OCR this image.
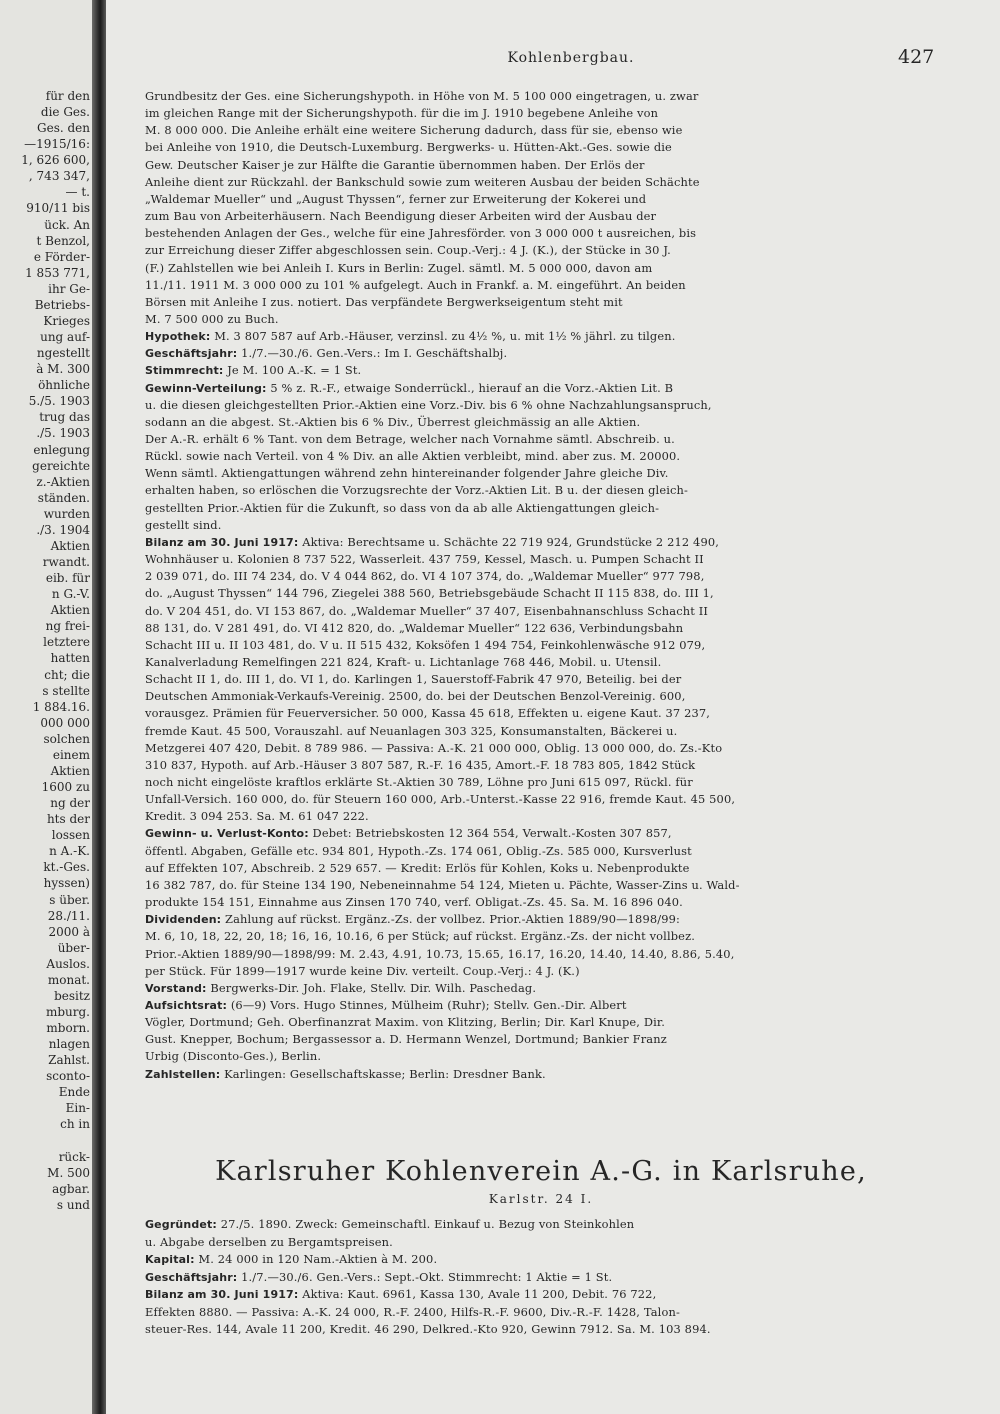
für den
die Ges.
Ges. den
—1915/16:
1, 626 600,
, 743 347,
— t.
910/11 bis
ück. An
t Benzol,
e Förder-
1 853 771,
ihr Ge-
Betriebs-
Krieges
ung auf-
ngestellt
à M. 300
öhnliche
5./5. 1903
trug das
./5. 1903
enlegung
gereichte
z.-Aktien
ständen.
wurden
./3. 1904
Aktien
rwandt.
eib. für
n G.-V.
Aktien
ng frei-
letztere
hatten
cht; die
s stellte
1 884.16.
000 000
solchen
einem
Aktien
1600 zu
ng der
hts der
lossen
n A.-K.
kt.-Ges.
hyssen)
s über.
28./11.
2000 à
über-
Auslos.
monat.
besitz
mburg.
mborn.
nlagen
Zahlst.
sconto-
Ende
Ein-
ch in
rück-
M. 500
agbar.
s und
Kohlenbergbau.	427
Karlsruher Kohlenverein A.-G. in Karlsruhe,
Karlstr. 24 I.
Grundbesitz der Ges. eine Sicherungshypoth. in Höhe von M. 5 100 000 eingetragen, u. zwar
im gleichen Range mit der Sicherungshypoth. für die im J. 1910 begebene Anleihe von
M. 8 000 000. Die Anleihe erhält eine weitere Sicherung dadurch, dass für sie, ebenso wie
bei Anleihe von 1910, die Deutsch-Luxemburg. Bergwerks- u. Hütten-Akt.-Ges. sowie die
Gew. Deutscher Kaiser je zur Hälfte die Garantie übernommen haben. Der Erlös der
Anleihe dient zur Rückzahl. der Bankschuld sowie zum weiteren Ausbau der beiden Schächte
„Waldemar Mueller“ und „August Thyssen“, ferner zur Erweiterung der Kokerei und
zum Bau von Arbeiterhäusern. Nach Beendigung dieser Arbeiten wird der Ausbau der
bestehenden Anlagen der Ges., welche für eine Jahresförder. von 3 000 000 t ausreichen, bis
zur Erreichung dieser Ziffer abgeschlossen sein. Coup.-Verj.: 4 J. (K.), der Stücke in 30 J.
(F.) Zahlstellen wie bei Anleih I. Kurs in Berlin: Zugel. sämtl. M. 5 000 000, davon am
11./11. 1911 M. 3 000 000 zu 101 % aufgelegt. Auch in Frankf. a. M. eingeführt. An beiden
Börsen mit Anleihe I zus. notiert. Das verpfändete Bergwerkseigentum steht mit
M. 7 500 000 zu Buch.
Hypothek: M. 3 807 587 auf Arb.-Häuser, verzinsl. zu 4½ %, u. mit 1½ % jährl. zu tilgen.
Geschäftsjahr: 1./7.—30./6. Gen.-Vers.: Im I. Geschäftshalbj.
Stimmrecht: Je M. 100 A.-K. = 1 St.
Gewinn-Verteilung: 5 % z. R.-F., etwaige Sonderrückl., hierauf an die Vorz.-Aktien Lit. B
u. die diesen gleichgestellten Prior.-Aktien eine Vorz.-Div. bis 6 % ohne Nachzahlungsanspruch,
sodann an die abgest. St.-Aktien bis 6 % Div., Überrest gleichmässig an alle Aktien.
Der A.-R. erhält 6 % Tant. von dem Betrage, welcher nach Vornahme sämtl. Abschreib. u.
Rückl. sowie nach Verteil. von 4 % Div. an alle Aktien verbleibt, mind. aber zus. M. 20000.
Wenn sämtl. Aktiengattungen während zehn hintereinander folgender Jahre gleiche Div.
erhalten haben, so erlöschen die Vorzugsrechte der Vorz.-Aktien Lit. B u. der diesen gleich-
gestellten Prior.-Aktien für die Zukunft, so dass von da ab alle Aktiengattungen gleich-
gestellt sind.
Bilanz am 30. Juni 1917: Aktiva: Berechtsame u. Schächte 22 719 924, Grundstücke 2 212 490,
Wohnhäuser u. Kolonien 8 737 522, Wasserleit. 437 759, Kessel, Masch. u. Pumpen Schacht II
2 039 071, do. III 74 234, do. V 4 044 862, do. VI 4 107 374, do. „Waldemar Mueller“ 977 798,
do. „August Thyssen“ 144 796, Ziegelei 388 560, Betriebsgebäude Schacht II 115 838, do. III 1,
do. V 204 451, do. VI 153 867, do. „Waldemar Mueller“ 37 407, Eisenbahnanschluss Schacht II
88 131, do. V 281 491, do. VI 412 820, do. „Waldemar Mueller“ 122 636, Verbindungsbahn
Schacht III u. II 103 481, do. V u. II 515 432, Koksöfen 1 494 754, Feinkohlenwäsche 912 079,
Kanalverladung Remelfingen 221 824, Kraft- u. Lichtanlage 768 446, Mobil. u. Utensil.
Schacht II 1, do. III 1, do. VI 1, do. Karlingen 1, Sauerstoff-Fabrik 47 970, Beteilig. bei der
Deutschen Ammoniak-Verkaufs-Vereinig. 2500, do. bei der Deutschen Benzol-Vereinig. 600,
vorausgez. Prämien für Feuerversicher. 50 000, Kassa 45 618, Effekten u. eigene Kaut. 37 237,
fremde Kaut. 45 500, Vorauszahl. auf Neuanlagen 303 325, Konsumanstalten, Bäckerei u.
Metzgerei 407 420, Debit. 8 789 986. — Passiva: A.-K. 21 000 000, Oblig. 13 000 000, do. Zs.-Kto
310 837, Hypoth. auf Arb.-Häuser 3 807 587, R.-F. 16 435, Amort.-F. 18 783 805, 1842 Stück
noch nicht eingelöste kraftlos erklärte St.-Aktien 30 789, Löhne pro Juni 615 097, Rückl. für
Unfall-Versich. 160 000, do. für Steuern 160 000, Arb.-Unterst.-Kasse 22 916, fremde Kaut. 45 500,
Kredit. 3 094 253. Sa. M. 61 047 222.
Gewinn- u. Verlust-Konto: Debet: Betriebskosten 12 364 554, Verwalt.-Kosten 307 857,
öffentl. Abgaben, Gefälle etc. 934 801, Hypoth.-Zs. 174 061, Oblig.-Zs. 585 000, Kursverlust
auf Effekten 107, Abschreib. 2 529 657. — Kredit: Erlös für Kohlen, Koks u. Nebenprodukte
16 382 787, do. für Steine 134 190, Nebeneinnahme 54 124, Mieten u. Pächte, Wasser-Zins u. Wald-
produkte 154 151, Einnahme aus Zinsen 170 740, verf. Obligat.-Zs. 45. Sa. M. 16 896 040.
Dividenden: Zahlung auf rückst. Ergänz.-Zs. der vollbez. Prior.-Aktien 1889/90—1898/99:
M. 6, 10, 18, 22, 20, 18; 16, 16, 10.16, 6 per Stück; auf rückst. Ergänz.-Zs. der nicht vollbez.
Prior.-Aktien 1889/90—1898/99: M. 2.43, 4.91, 10.73, 15.65, 16.17, 16.20, 14.40, 14.40, 8.86, 5.40,
per Stück. Für 1899—1917 wurde keine Div. verteilt. Coup.-Verj.: 4 J. (K.)
Vorstand: Bergwerks-Dir. Joh. Flake, Stellv. Dir. Wilh. Paschedag.
Aufsichtsrat: (6—9) Vors. Hugo Stinnes, Mülheim (Ruhr); Stellv. Gen.-Dir. Albert
Vögler, Dortmund; Geh. Oberfinanzrat Maxim. von Klitzing, Berlin; Dir. Karl Knupe, Dir.
Gust. Knepper, Bochum; Bergassessor a. D. Hermann Wenzel, Dortmund; Bankier Franz
Urbig (Disconto-Ges.), Berlin.
Zahlstellen: Karlingen: Gesellschaftskasse; Berlin: Dresdner Bank.
Gegründet: 27./5. 1890. Zweck: Gemeinschaftl. Einkauf u. Bezug von Steinkohlen
u. Abgabe derselben zu Bergamtspreisen.
Kapital: M. 24 000 in 120 Nam.-Aktien à M. 200.
Geschäftsjahr: 1./7.—30./6. Gen.-Vers.: Sept.-Okt. Stimmrecht: 1 Aktie = 1 St.
Bilanz am 30. Juni 1917: Aktiva: Kaut. 6961, Kassa 130, Avale 11 200, Debit. 76 722,
Effekten 8880. — Passiva: A.-K. 24 000, R.-F. 2400, Hilfs-R.-F. 9600, Div.-R.-F. 1428, Talon-
steuer-Res. 144, Avale 11 200, Kredit. 46 290, Delkred.-Kto 920, Gewinn 7912. Sa. M. 103 894.
